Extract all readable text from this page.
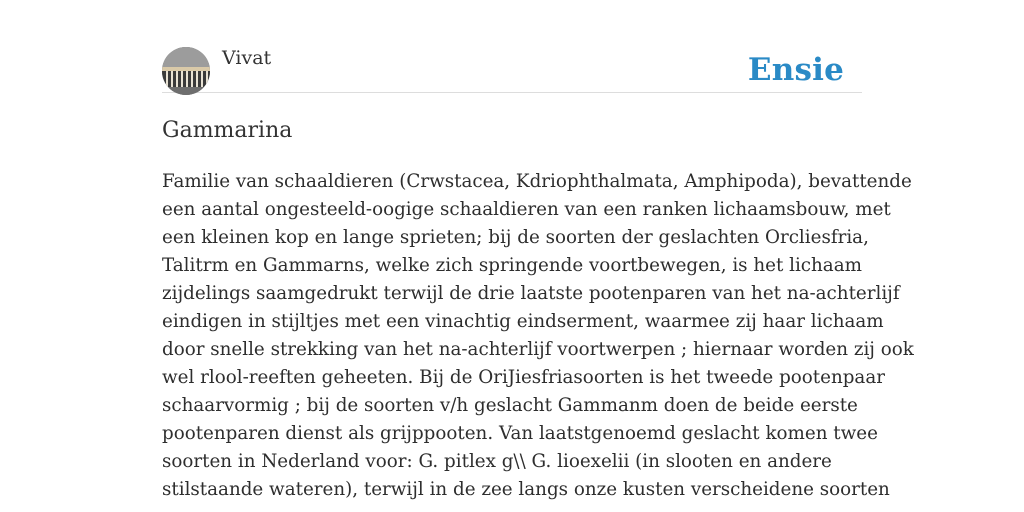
Vivat	Ensie
Gammarina

Familie van schaaldieren (Crwstacea, Kdriophthalmata, Amphipoda), bevattende
een aantal ongesteeld-oogige schaaldieren van een ranken lichaamsbouw, met
een kleinen kop en lange sprieten; bij de soorten der geslachten Orcliesfria,
Talitrm en Gammarns, welke zich springende voortbewegen, is het lichaam
zijdelings saamgedrukt terwijl de drie laatste pootenparen van het na-achterlijf
eindigen in stijltjes met een vinachtig eindserment, waarmee zij haar lichaam
door snelle strekking van het na-achterlijf voortwerpen ; hiernaar worden zij ook
wel rlool-reeften geheeten. Bij de OriJiesfriasoorten is het tweede pootenpaar
schaarvormig ; bij de soorten v/h geslacht Gammanm doen de beide eerste
pootenparen dienst als grijppooten. Van laatstgenoemd geslacht komen twee
soorten in Nederland voor: G. pitlex g\\ G. lioexelii (in slooten en andere
stilstaande wateren), terwijl in de zee langs onze kusten verscheidene soorten
